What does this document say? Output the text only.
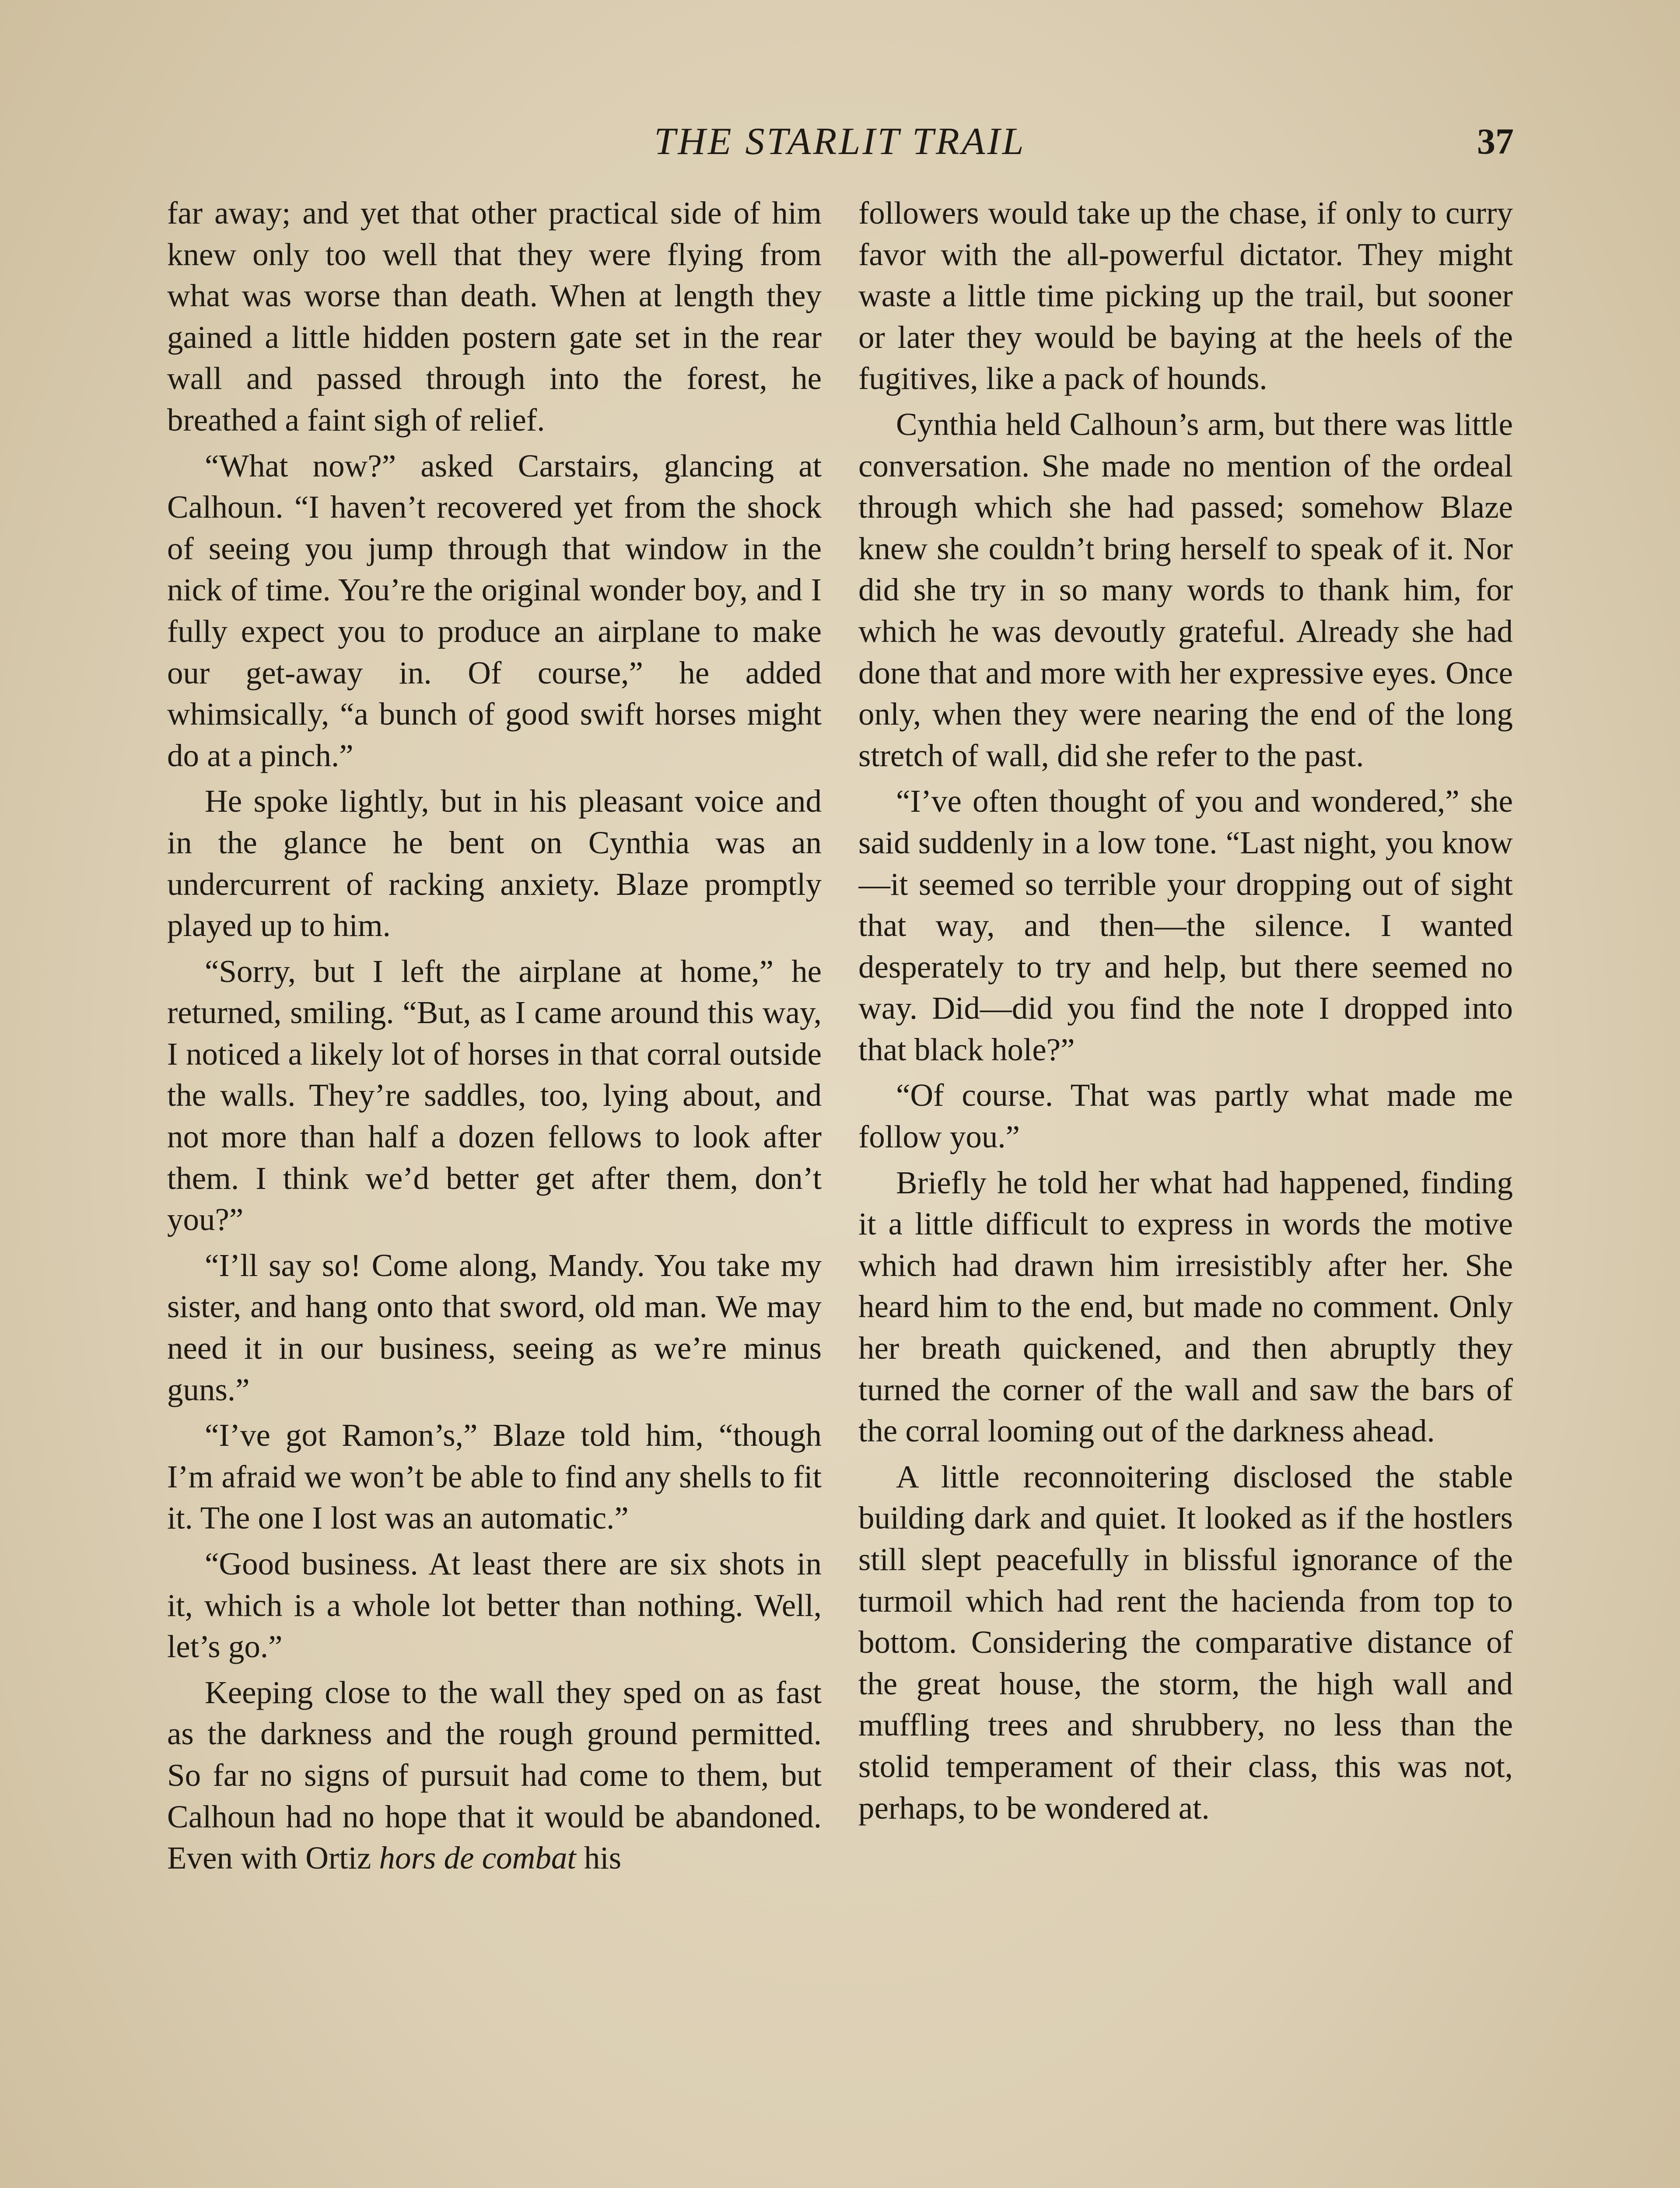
THE STARLIT TRAIL	37

far away; and yet that other practical side of him knew only too well that they were flying from what was worse than death. When at length they gained a little hidden postern gate set in the rear wall and passed through into the forest, he breathed a faint sigh of relief.

“What now?” asked Carstairs, glancing at Calhoun. “I haven’t recovered yet from the shock of seeing you jump through that window in the nick of time. You’re the original wonder boy, and I fully expect you to produce an airplane to make our get-away in. Of course,” he added whimsically, “a bunch of good swift horses might do at a pinch.”

He spoke lightly, but in his pleasant voice and in the glance he bent on Cynthia was an undercurrent of racking anxiety. Blaze promptly played up to him.

“Sorry, but I left the airplane at home,” he returned, smiling. “But, as I came around this way, I noticed a likely lot of horses in that corral outside the walls. They’re saddles, too, lying about, and not more than half a dozen fellows to look after them. I think we’d better get after them, don’t you?”

“I’ll say so! Come along, Mandy. You take my sister, and hang onto that sword, old man. We may need it in our business, seeing as we’re minus guns.”

“I’ve got Ramon’s,” Blaze told him, “though I’m afraid we won’t be able to find any shells to fit it. The one I lost was an automatic.”

“Good business. At least there are six shots in it, which is a whole lot better than nothing. Well, let’s go.”

Keeping close to the wall they sped on as fast as the darkness and the rough ground permitted. So far no signs of pursuit had come to them, but Calhoun had no hope that it would be abandoned. Even with Ortiz hors de combat his

followers would take up the chase, if only to curry favor with the all-powerful dictator. They might waste a little time picking up the trail, but sooner or later they would be baying at the heels of the fugitives, like a pack of hounds.

Cynthia held Calhoun’s arm, but there was little conversation. She made no mention of the ordeal through which she had passed; somehow Blaze knew she couldn’t bring herself to speak of it. Nor did she try in so many words to thank him, for which he was devoutly grateful. Already she had done that and more with her expressive eyes. Once only, when they were nearing the end of the long stretch of wall, did she refer to the past.

“I’ve often thought of you and wondered,” she said suddenly in a low tone. “Last night, you know—it seemed so terrible your dropping out of sight that way, and then—the silence. I wanted desperately to try and help, but there seemed no way. Did—did you find the note I dropped into that black hole?”

“Of course. That was partly what made me follow you.”

Briefly he told her what had happened, finding it a little difficult to express in words the motive which had drawn him irresistibly after her. She heard him to the end, but made no comment. Only her breath quickened, and then abruptly they turned the corner of the wall and saw the bars of the corral looming out of the darkness ahead.

A little reconnoitering disclosed the stable building dark and quiet. It looked as if the hostlers still slept peacefully in blissful ignorance of the turmoil which had rent the hacienda from top to bottom. Considering the comparative distance of the great house, the storm, the high wall and muffling trees and shrubbery, no less than the stolid temperament of their class, this was not, perhaps, to be wondered at.
